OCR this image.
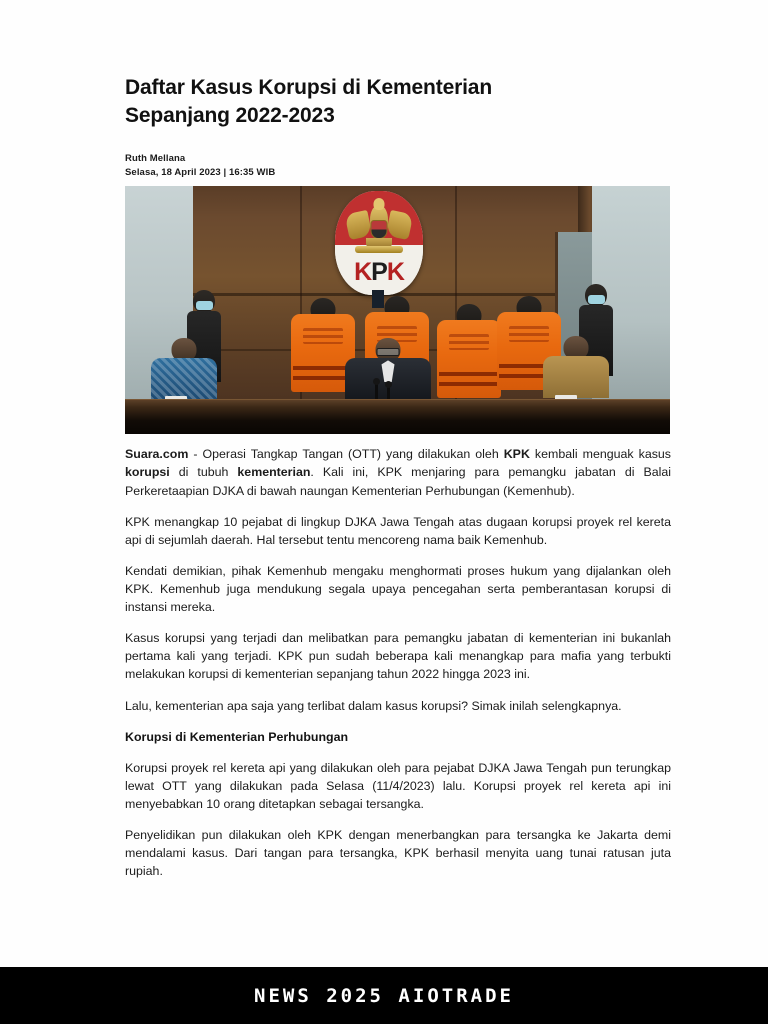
Daftar Kasus Korupsi di Kementerian Sepanjang 2022-2023
Ruth Mellana
Selasa, 18 April 2023 | 16:35 WIB
KPK

Suara.com - Operasi Tangkap Tangan (OTT) yang dilakukan oleh KPK kembali menguak kasus korupsi di tubuh kementerian. Kali ini, KPK menjaring para pemangku jabatan di Balai Perkeretaapian DJKA di bawah naungan Kementerian Perhubungan (Kemenhub).

KPK menangkap 10 pejabat di lingkup DJKA Jawa Tengah atas dugaan korupsi proyek rel kereta api di sejumlah daerah. Hal tersebut tentu mencoreng nama baik Kemenhub.

Kendati demikian, pihak Kemenhub mengaku menghormati proses hukum yang dijalankan oleh KPK. Kemenhub juga mendukung segala upaya pencegahan serta pemberantasan korupsi di instansi mereka.

Kasus korupsi yang terjadi dan melibatkan para pemangku jabatan di kementerian ini bukanlah pertama kali yang terjadi. KPK pun sudah beberapa kali menangkap para mafia yang terbukti melakukan korupsi di kementerian sepanjang tahun 2022 hingga 2023 ini.

Lalu, kementerian apa saja yang terlibat dalam kasus korupsi? Simak inilah selengkapnya.

Korupsi di Kementerian Perhubungan

Korupsi proyek rel kereta api yang dilakukan oleh para pejabat DJKA Jawa Tengah pun terungkap lewat OTT yang dilakukan pada Selasa (11/4/2023) lalu. Korupsi proyek rel kereta api ini menyebabkan 10 orang ditetapkan sebagai tersangka.

Penyelidikan pun dilakukan oleh KPK dengan menerbangkan para tersangka ke Jakarta demi mendalami kasus. Dari tangan para tersangka, KPK berhasil menyita uang tunai ratusan juta rupiah.

NEWS 2025 AIOTRADE
